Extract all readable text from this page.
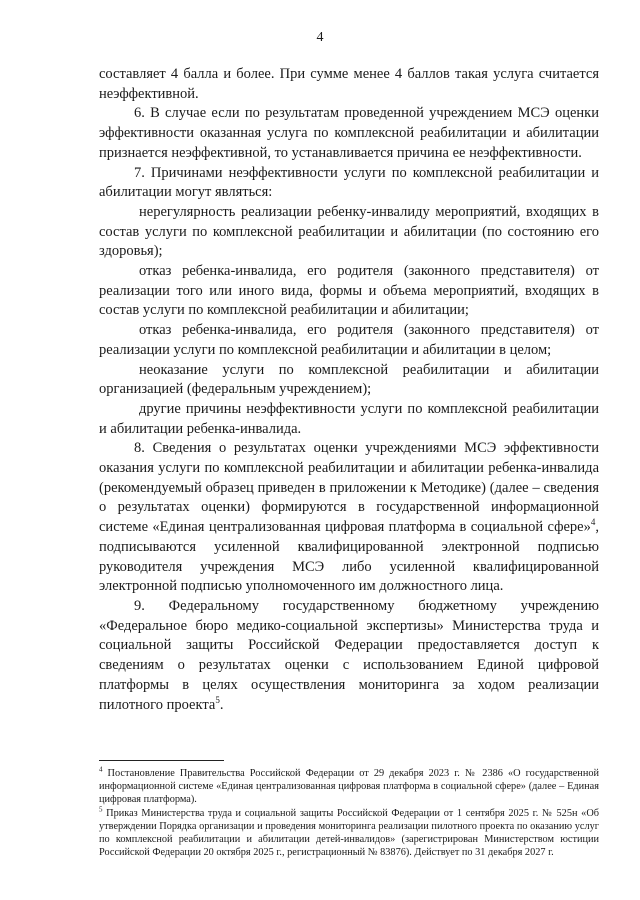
4

составляет 4 балла и более. При сумме менее 4 баллов такая услуга считается неэффективной.

6. В случае если по результатам проведенной учреждением МСЭ оценки эффективности оказанная услуга по комплексной реабилитации и абилитации признается неэффективной, то устанавливается причина ее неэффективности.

7. Причинами неэффективности услуги по комплексной реабилитации и абилитации могут являться:

нерегулярность реализации ребенку-инвалиду мероприятий, входящих в состав услуги по комплексной реабилитации и абилитации (по состоянию его здоровья);

отказ ребенка-инвалида, его родителя (законного представителя) от реализации того или иного вида, формы и объема мероприятий, входящих в состав услуги по комплексной реабилитации и абилитации;

отказ ребенка-инвалида, его родителя (законного представителя) от реализации услуги по комплексной реабилитации и абилитации в целом;

неоказание услуги по комплексной реабилитации и абилитации организацией (федеральным учреждением);

другие причины неэффективности услуги по комплексной реабилитации и абилитации ребенка-инвалида.

8. Сведения о результатах оценки учреждениями МСЭ эффективности оказания услуги по комплексной реабилитации и абилитации ребенка-инвалида (рекомендуемый образец приведен в приложении к Методике) (далее – сведения о результатах оценки) формируются в государственной информационной системе «Единая централизованная цифровая платформа в социальной сфере»$^4$, подписываются усиленной квалифицированной электронной подписью руководителя учреждения МСЭ либо усиленной квалифицированной электронной подписью уполномоченного им должностного лица.

9. Федеральному государственному бюджетному учреждению «Федеральное бюро медико-социальной экспертизы» Министерства труда и социальной защиты Российской Федерации предоставляется доступ к сведениям о результатах оценки с использованием Единой цифровой платформы в целях осуществления мониторинга за ходом реализации пилотного проекта$^5$.

$^4$ Постановление Правительства Российской Федерации от 29 декабря 2023 г. № 2386 «О государственной информационной системе «Единая централизованная цифровая платформа в социальной сфере» (далее – Единая цифровая платформа).

$^5$ Приказ Министерства труда и социальной защиты Российской Федерации от 1 сентября 2025 г. № 525н «Об утверждении Порядка организации и проведения мониторинга реализации пилотного проекта по оказанию услуг по комплексной реабилитации и абилитации детей-инвалидов» (зарегистрирован Министерством юстиции Российской Федерации 20 октября 2025 г., регистрационный № 83876). Действует по 31 декабря 2027 г.
